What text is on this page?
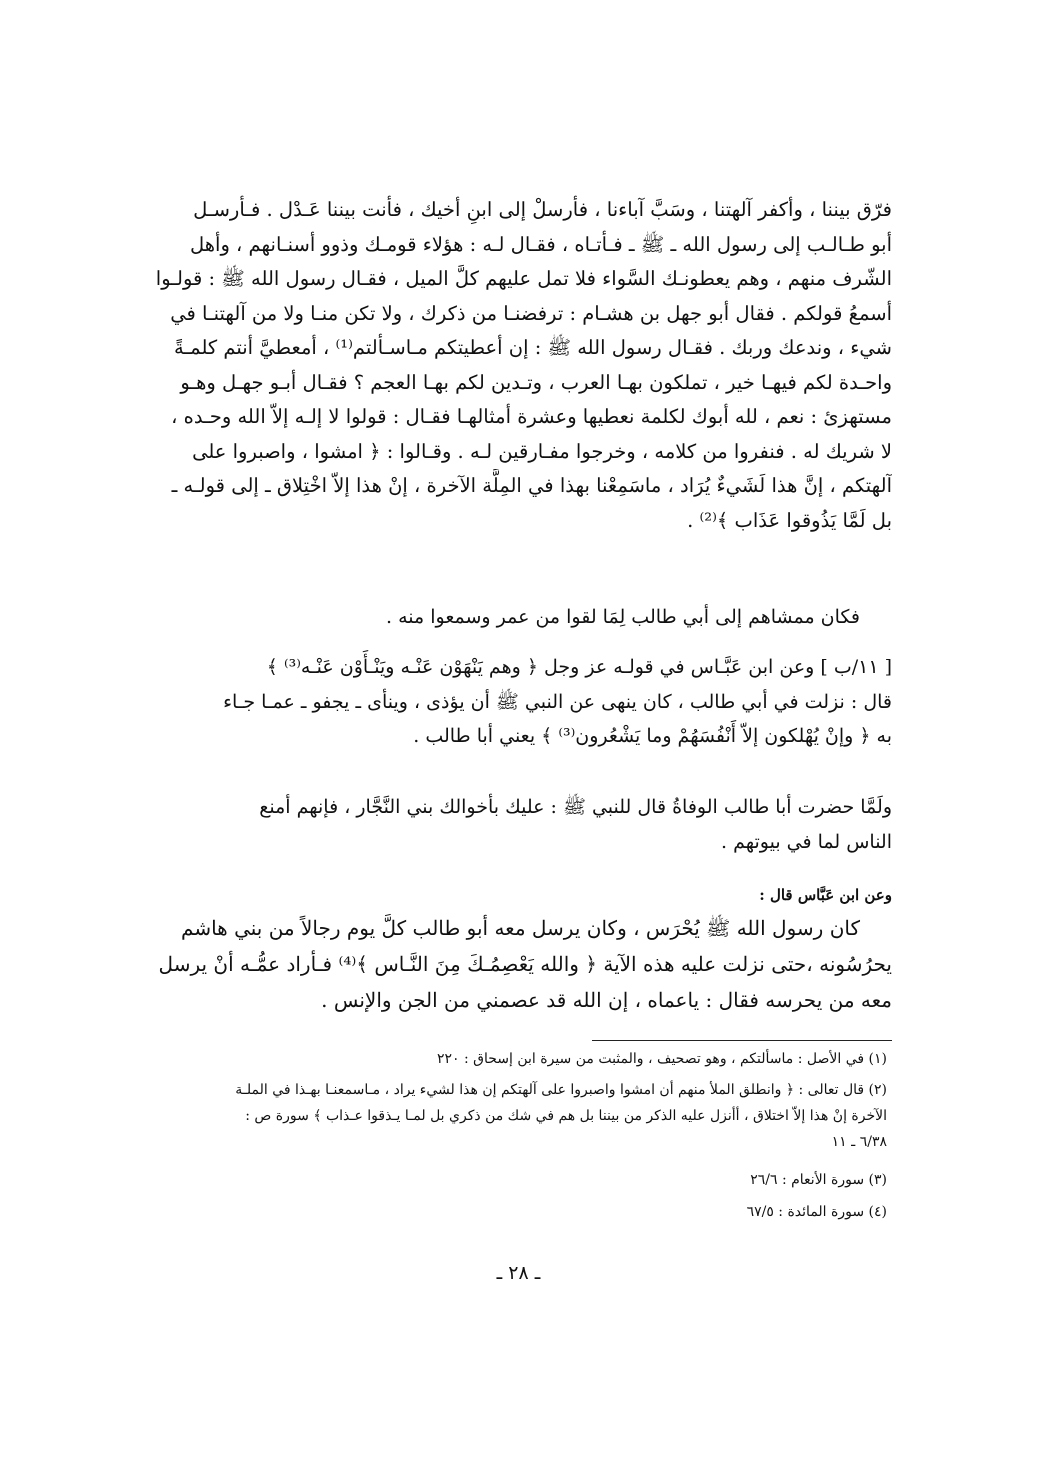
فرّق بيننا ، وأكفر آلهتنا ، وسَبَّ آباءنا ، فأرسلْ إلى ابنِ أخيك ، فأنت بيننا عَـدْل . فـأرسـل
أبو طـالـب إلى رسول الله ـ ﷺ ـ فـأتـاه ، فقـال لـه : هؤلاء قومـك وذوو أسنـانهم ، وأهل
الشّرف منهم ، وهم يعطونـك السَّواء فلا تمل عليهم كلَّ الميل ، فقـال رسول الله ﷺ : قولـوا
أسمعُ قولكم . فقال أبو جهل بن هشـام : ترفضنـا من ذكرك ، ولا تكن منـا ولا من آلهتنـا في
شيء ، وندعك وربك . فقـال رسول الله ﷺ : إن أعطيتكم مـاسـألتم⁽¹⁾ ، أمعطيَّ أنتم كلمـةً
واحـدة لكم فيهـا خير ، تملكون بهـا العرب ، وتـدين لكم بهـا العجم ؟ فقـال أبـو جهـل وهـو
مستهزئ : نعم ، لله أبوك لكلمة نعطيها وعشرة أمثالهـا فقـال : قولوا لا إلـه إلاّ الله وحـده ،
لا شريك له . فنفروا من كلامه ، وخرجوا مفـارقين لـه . وقـالوا : ﴿ امشوا ، واصبروا على
آلهتكم ، إنَّ هذا لَشَيءٌ يُرَاد ، ماسَمِعْنا بهذا في المِلَّة الآخرة ، إنْ هذا إلاّ اخْتِلاق ـ إلى قولـه ـ
بل لَمَّا يَذُوقوا عَذَاب ﴾⁽²⁾ .
فكان ممشاهم إلى أبي طالب لِمَا لقوا من عمر وسمعوا منه .
[ ١١/ب ] وعن ابن عَبَّـاس في قولـه عز وجل ﴿ وهم يَنْهَوْن عَنْـه ويَنْـأَوْن عَنْـه⁽³⁾ ﴾
قال : نزلت في أبي طالب ، كان ينهى عن النبي ﷺ أن يؤذى ، وينأى ـ يجفو ـ عمـا جـاء
به ﴿ وإنْ يُهْلكون إلاّ أَنْفُسَهُمْ وما يَشْعُرون⁽³⁾ ﴾ يعني أبا طالب .
ولَمَّا حضرت أبا طالب الوفاةُ قال للنبي ﷺ : عليك بأخوالك بني النَّجَّار ، فإنهم أمنع
الناس لما في بيوتهم .
وعن ابن عَبَّاس قال :
كان رسول الله ﷺ يُحْرَس ، وكان يرسل معه أبو طالب كلَّ يوم رجالاً من بني هاشم
يحرُسُونه ،حتى نزلت عليه هذه الآية ﴿ والله يَعْصِمُـكَ مِنَ النَّـاس ﴾⁽⁴⁾ فـأراد عمُّـه أنْ يرسل
معه من يحرسه فقال : ياعماه ، إن الله قد عصمني من الجن والإنس .
(١) في الأصل : ماسألتكم ، وهو تصحيف ، والمثبت من سيرة ابن إسحاق : ٢٢٠
(٢) قال تعالى : ﴿ وانطلق الملأ منهم أن امشوا واصبروا على آلهتكم إن هذا لشيء يراد ، مـاسمعنـا بهـذا في الملـة
الآخرة إنْ هذا إلاّ اختلاق ، أأنزل عليه الذكر من بيننا بل هم في شك من ذكري بل لمـا يـذقوا عـذاب ﴾ سورة ص :
٦/٣٨ ـ ١١
(٣) سورة الأنعام : ٢٦/٦
(٤) سورة المائدة : ٦٧/٥
ـ ٢٨ ـ
